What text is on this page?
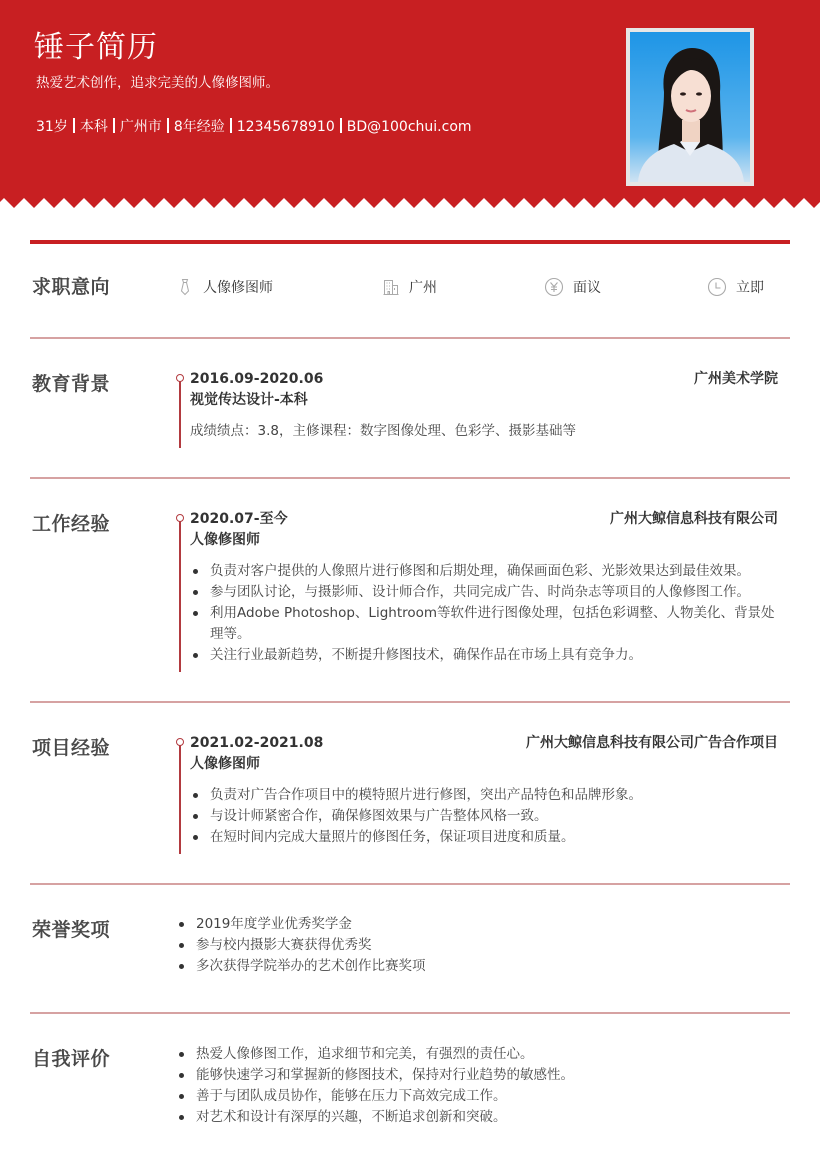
锤子简历
热爱艺术创作，追求完美的人像修图师。
31岁 本科 广州市 8年经验 12345678910 BD@100chui.com
求职意向	人像修图师	广州	面议	立即
教育背景	2016.09-2020.06	广州美术学院
视觉传达设计-本科
成绩绩点：3.8，主修课程：数字图像处理、色彩学、摄影基础等
工作经验	2020.07-至今	广州大鲸信息科技有限公司
人像修图师
负责对客户提供的人像照片进行修图和后期处理，确保画面色彩、光影效果达到最佳效果。
参与团队讨论，与摄影师、设计师合作，共同完成广告、时尚杂志等项目的人像修图工作。
利用Adobe Photoshop、Lightroom等软件进行图像处理，包括色彩调整、人物美化、背景处理等。
关注行业最新趋势，不断提升修图技术，确保作品在市场上具有竞争力。
项目经验	2021.02-2021.08	广州大鲸信息科技有限公司广告合作项目
人像修图师
负责对广告合作项目中的模特照片进行修图，突出产品特色和品牌形象。
与设计师紧密合作，确保修图效果与广告整体风格一致。
在短时间内完成大量照片的修图任务，保证项目进度和质量。
荣誉奖项	2019年度学业优秀奖学金
参与校内摄影大赛获得优秀奖
多次获得学院举办的艺术创作比赛奖项
自我评价	热爱人像修图工作，追求细节和完美，有强烈的责任心。
能够快速学习和掌握新的修图技术，保持对行业趋势的敏感性。
善于与团队成员协作，能够在压力下高效完成工作。
对艺术和设计有深厚的兴趣，不断追求创新和突破。
